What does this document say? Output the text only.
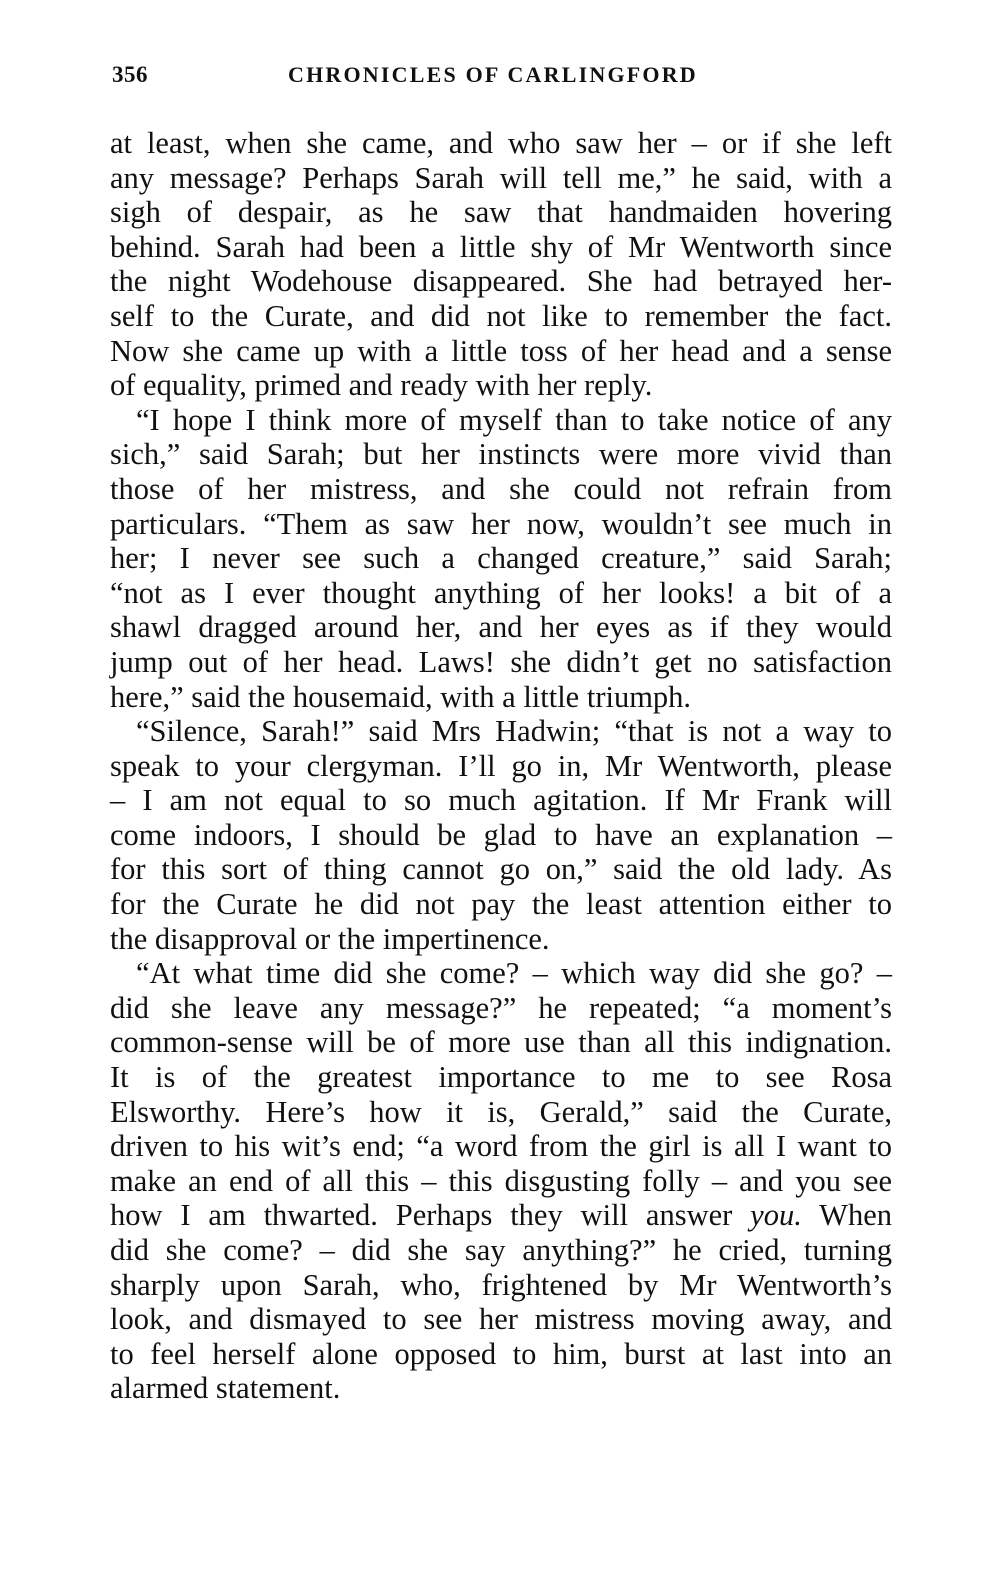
356	CHRONICLES OF CARLINGFORD
at least, when she came, and who saw her – or if she left
any message? Perhaps Sarah will tell me,” he said, with a
sigh of despair, as he saw that handmaiden hovering
behind. Sarah had been a little shy of Mr Wentworth since
the night Wodehouse disappeared. She had betrayed her-
self to the Curate, and did not like to remember the fact.
Now she came up with a little toss of her head and a sense
of equality, primed and ready with her reply.
“I hope I think more of myself than to take notice of any
sich,” said Sarah; but her instincts were more vivid than
those of her mistress, and she could not refrain from
particulars. “Them as saw her now, wouldn’t see much in
her; I never see such a changed creature,” said Sarah;
“not as I ever thought anything of her looks! a bit of a
shawl dragged around her, and her eyes as if they would
jump out of her head. Laws! she didn’t get no satisfaction
here,” said the housemaid, with a little triumph.
“Silence, Sarah!” said Mrs Hadwin; “that is not a way to
speak to your clergyman. I’ll go in, Mr Wentworth, please
– I am not equal to so much agitation. If Mr Frank will
come indoors, I should be glad to have an explanation –
for this sort of thing cannot go on,” said the old lady. As
for the Curate he did not pay the least attention either to
the disapproval or the impertinence.
“At what time did she come? – which way did she go? –
did she leave any message?” he repeated; “a moment’s
common-sense will be of more use than all this indignation.
It is of the greatest importance to me to see Rosa
Elsworthy. Here’s how it is, Gerald,” said the Curate,
driven to his wit’s end; “a word from the girl is all I want to
make an end of all this – this disgusting folly – and you see
how I am thwarted. Perhaps they will answer you. When
did she come? – did she say anything?” he cried, turning
sharply upon Sarah, who, frightened by Mr Wentworth’s
look, and dismayed to see her mistress moving away, and
to feel herself alone opposed to him, burst at last into an
alarmed statement.
